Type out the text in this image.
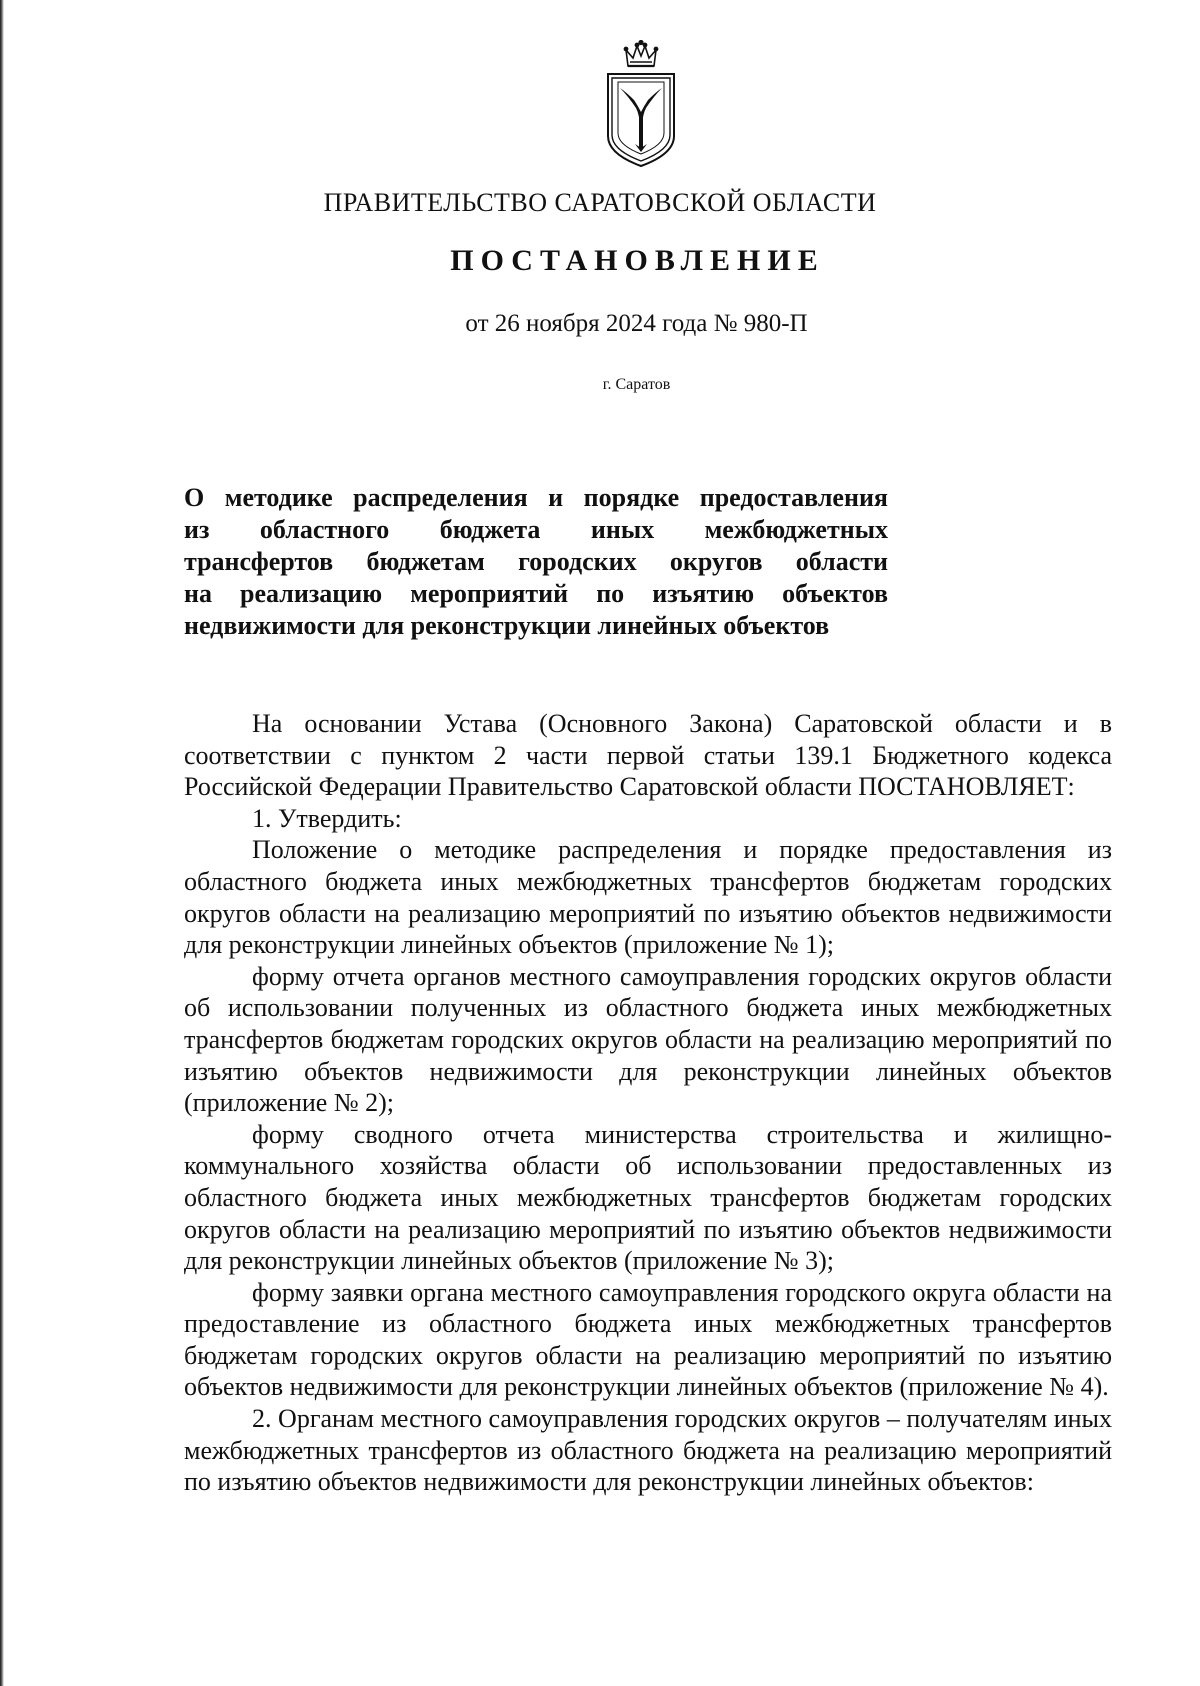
ПРАВИТЕЛЬСТВО САРАТОВСКОЙ ОБЛАСТИ
ПОСТАНОВЛЕНИЕ
от 26 ноября 2024 года № 980-П
г. Саратов
О методике распределения и порядке предоставления
из областного бюджета иных межбюджетных
трансфертов бюджетам городских округов области
на реализацию мероприятий по изъятию объектов
недвижимости для реконструкции линейных объектов

На основании Устава (Основного Закона) Саратовской области и в соответствии с пунктом 2 части первой статьи 139.1 Бюджетного кодекса Российской Федерации Правительство Саратовской области ПОСТАНОВЛЯЕТ:

1. Утвердить:

Положение о методике распределения и порядке предоставления из областного бюджета иных межбюджетных трансфертов бюджетам городских округов области на реализацию мероприятий по изъятию объектов недвижимости для реконструкции линейных объектов (приложение № 1);

форму отчета органов местного самоуправления городских округов области об использовании полученных из областного бюджета иных межбюджетных трансфертов бюджетам городских округов области на реализацию мероприятий по изъятию объектов недвижимости для реконструкции линейных объектов (приложение № 2);

форму сводного отчета министерства строительства и жилищно-коммунального хозяйства области об использовании предоставленных из областного бюджета иных межбюджетных трансфертов бюджетам городских округов области на реализацию мероприятий по изъятию объектов недвижимости для реконструкции линейных объектов (приложение № 3);

форму заявки органа местного самоуправления городского округа области на предоставление из областного бюджета иных межбюджетных трансфертов бюджетам городских округов области на реализацию мероприятий по изъятию объектов недвижимости для реконструкции линейных объектов (приложение № 4).

2. Органам местного самоуправления городских округов – получателям иных межбюджетных трансфертов из областного бюджета на реализацию мероприятий по изъятию объектов недвижимости для реконструкции линейных объектов:
